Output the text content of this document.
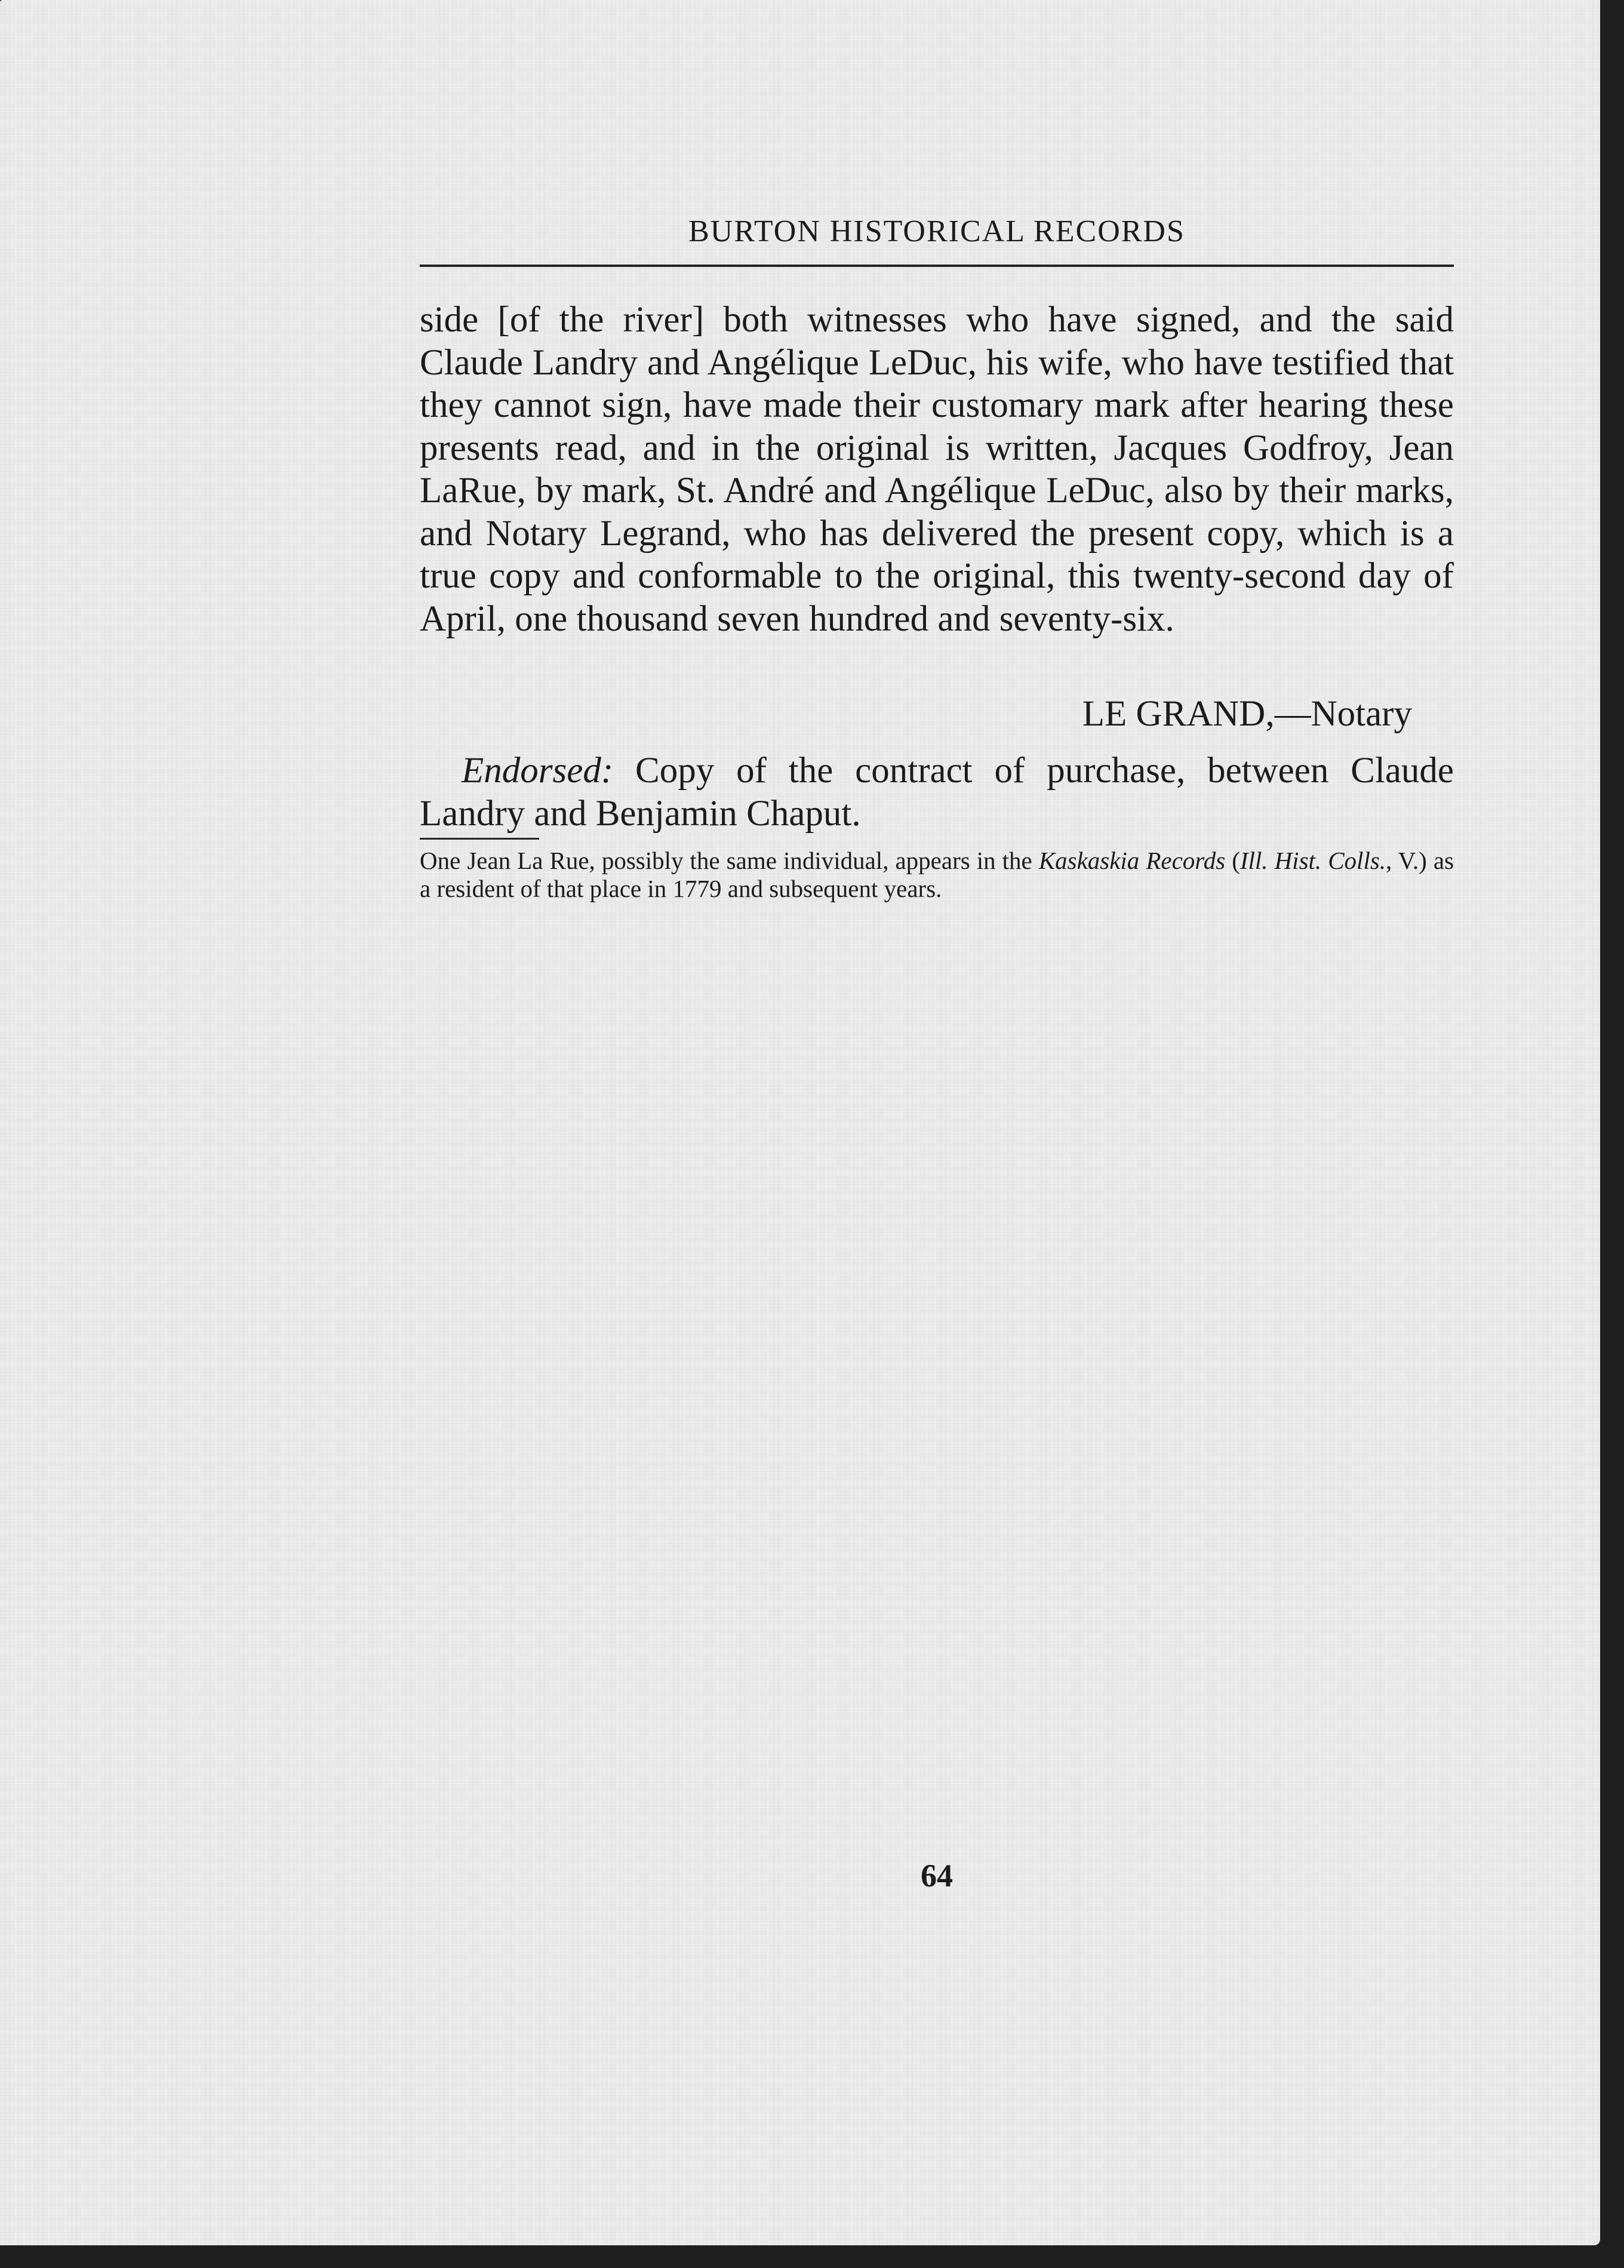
BURTON HISTORICAL RECORDS

side [of the river] both witnesses who have signed, and the said Claude Landry and Angélique LeDuc, his wife, who have testified that they cannot sign, have made their customary mark after hearing these presents read, and in the original is written, Jacques Godfroy, Jean LaRue, by mark, St. André and Angélique LeDuc, also by their marks, and Notary Legrand, who has delivered the present copy, which is a true copy and conformable to the original, this twenty-second day of April, one thousand seven hundred and seventy-six.

LE GRAND,—Notary

Endorsed: Copy of the contract of purchase, between Claude Landry and Benjamin Chaput.

One Jean La Rue, possibly the same individual, appears in the Kaskaskia Records (Ill. Hist. Colls., V.) as a resident of that place in 1779 and subsequent years.

64
